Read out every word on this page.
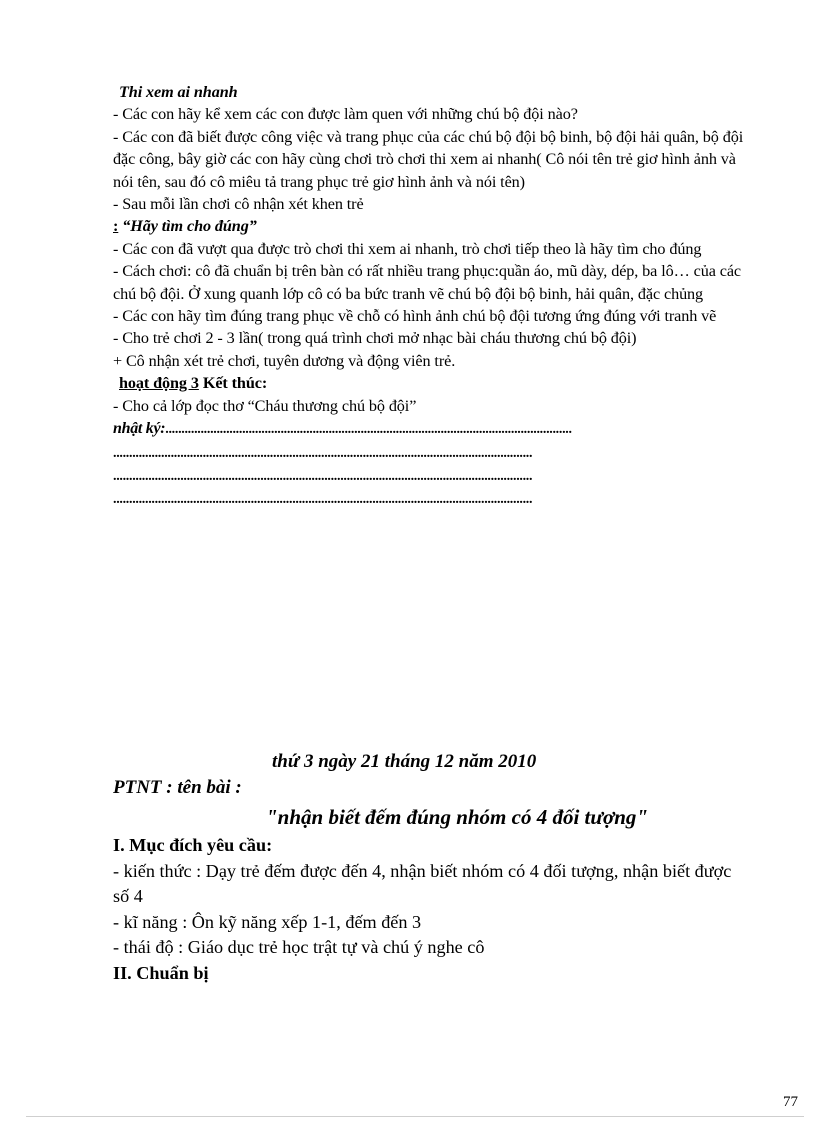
Thi xem ai nhanh

- Các con hãy kể xem các con được làm quen với những chú bộ đội nào?

- Các con đã biết được công việc và trang phục của các chú bộ đội bộ binh, bộ đội hải quân, bộ đội đặc công, bây giờ các con hãy cùng chơi trò chơi thi xem ai nhanh( Cô nói tên trẻ giơ hình ảnh và nói tên, sau đó cô miêu tả trang phục trẻ giơ hình ảnh và nói tên)

- Sau mỗi lần chơi cô nhận xét khen trẻ

: “Hãy tìm cho đúng”

- Các con đã vượt qua được trò chơi thi xem ai nhanh, trò chơi tiếp theo là hãy tìm cho đúng

- Cách chơi: cô đã chuẩn bị trên bàn có rất nhiều trang phục:quần áo, mũ dày, dép, ba lô… của các chú bộ đội. Ở xung quanh lớp cô có ba bức tranh vẽ chú bộ đội bộ binh, hải quân, đặc chủng

- Các con hãy tìm đúng trang phục về chỗ có hình ảnh chú bộ đội tương ứng đúng với tranh vẽ

- Cho trẻ chơi 2 - 3 lần( trong quá trình chơi mở nhạc bài cháu thương chú bộ đội)

+ Cô nhận xét trẻ chơi, tuyên dương và động viên trẻ.

hoạt động 3 Kết thúc:

- Cho cả lớp đọc thơ “Cháu thương chú bộ đội”

nhật ký:...............................................................................................................................

...................................................................................................................................

...................................................................................................................................

...................................................................................................................................

thứ 3 ngày 21 tháng 12 năm 2010
PTNT : tên bài :
"nhận biết đếm đúng nhóm có 4 đối tượng"

I. Mục đích yêu cầu:

- kiến thức : Dạy trẻ đếm được đến 4, nhận biết nhóm có 4 đối tượng, nhận biết được số 4

- kĩ năng : Ôn kỹ năng xếp 1-1, đếm đến 3

- thái độ : Giáo dục trẻ học trật tự và chú ý nghe cô

II. Chuẩn bị

77
